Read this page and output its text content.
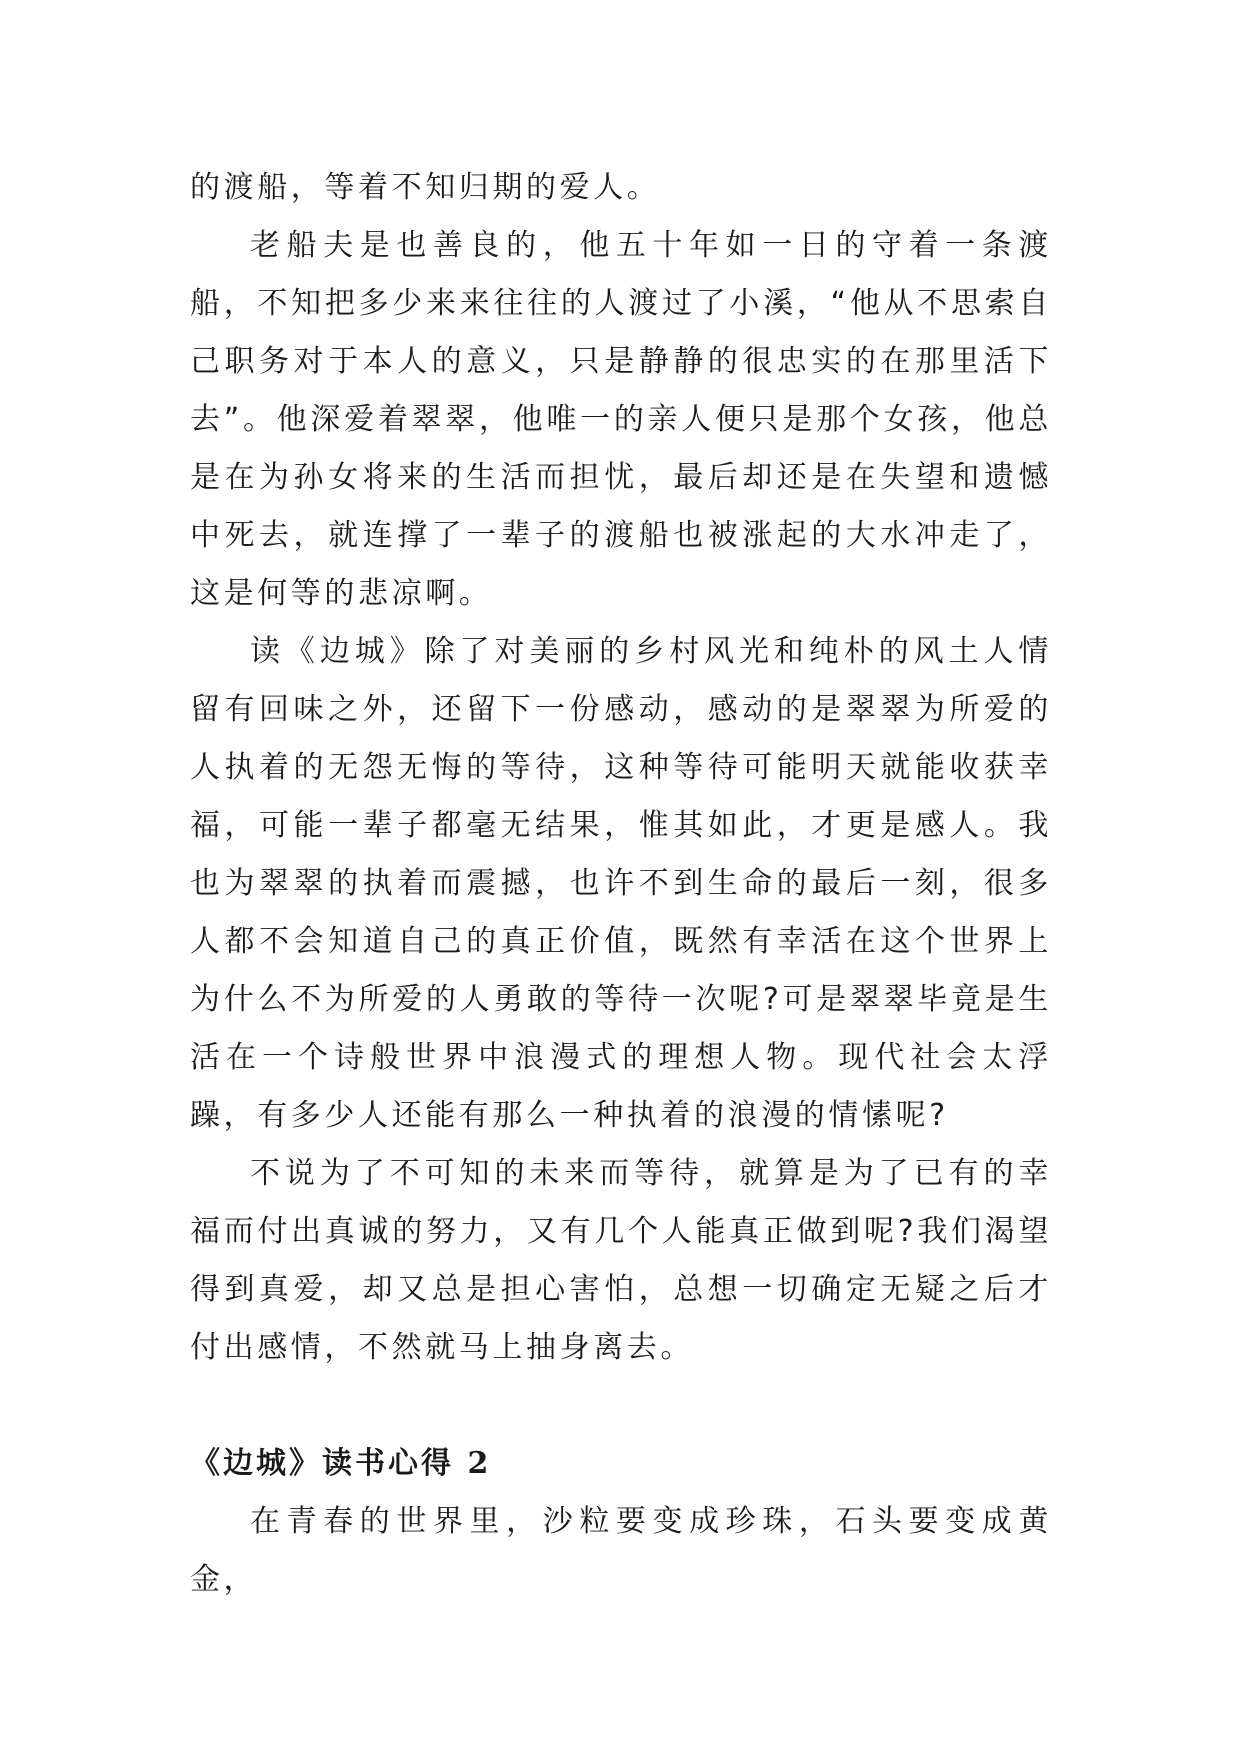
的渡船，等着不知归期的爱人。

老船夫是也善良的，他五十年如一日的守着一条渡船，不知把多少来来往往的人渡过了小溪，“他从不思索自己职务对于本人的意义，只是静静的很忠实的在那里活下去”。他深爱着翠翠，他唯一的亲人便只是那个女孩，他总是在为孙女将来的生活而担忧，最后却还是在失望和遗憾中死去，就连撑了一辈子的渡船也被涨起的大水冲走了，这是何等的悲凉啊。

读《边城》除了对美丽的乡村风光和纯朴的风土人情留有回味之外，还留下一份感动，感动的是翠翠为所爱的人执着的无怨无悔的等待，这种等待可能明天就能收获幸福，可能一辈子都毫无结果，惟其如此，才更是感人。我也为翠翠的执着而震撼，也许不到生命的最后一刻，很多人都不会知道自己的真正价值，既然有幸活在这个世界上为什么不为所爱的人勇敢的等待一次呢?可是翠翠毕竟是生活在一个诗般世界中浪漫式的理想人物。现代社会太浮躁，有多少人还能有那么一种执着的浪漫的情愫呢?

不说为了不可知的未来而等待，就算是为了已有的幸福而付出真诚的努力，又有几个人能真正做到呢?我们渴望得到真爱，却又总是担心害怕，总想一切确定无疑之后才付出感情，不然就马上抽身离去。

《边城》读书心得 2

在青春的世界里，沙粒要变成珍珠，石头要变成黄金，
